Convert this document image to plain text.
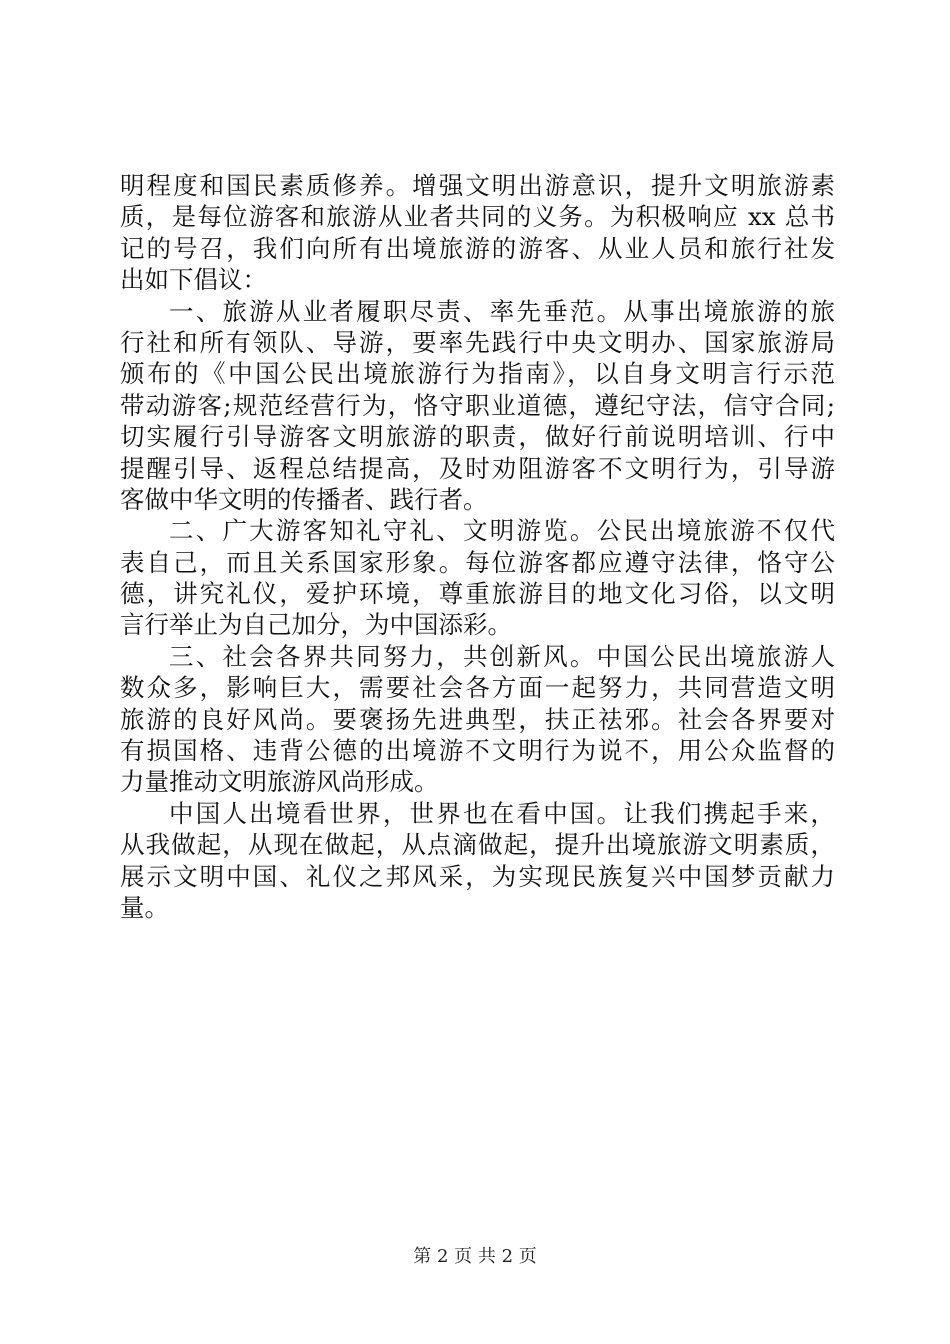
明程度和国民素质修养。增强文明出游意识，提升文明旅游素
质，是每位游客和旅游从业者共同的义务。为积极响应 xx 总书
记的号召，我们向所有出境旅游的游客、从业人员和旅行社发
出如下倡议：
一、旅游从业者履职尽责、率先垂范。从事出境旅游的旅
行社和所有领队、导游，要率先践行中央文明办、国家旅游局
颁布的《中国公民出境旅游行为指南》，以自身文明言行示范
带动游客;规范经营行为，恪守职业道德，遵纪守法，信守合同;
切实履行引导游客文明旅游的职责，做好行前说明培训、行中
提醒引导、返程总结提高，及时劝阻游客不文明行为，引导游
客做中华文明的传播者、践行者。
二、广大游客知礼守礼、文明游览。公民出境旅游不仅代
表自己，而且关系国家形象。每位游客都应遵守法律，恪守公
德，讲究礼仪，爱护环境，尊重旅游目的地文化习俗，以文明
言行举止为自己加分，为中国添彩。
三、社会各界共同努力，共创新风。中国公民出境旅游人
数众多，影响巨大，需要社会各方面一起努力，共同营造文明
旅游的良好风尚。要褒扬先进典型，扶正祛邪。社会各界要对
有损国格、违背公德的出境游不文明行为说不，用公众监督的
力量推动文明旅游风尚形成。
中国人出境看世界，世界也在看中国。让我们携起手来，
从我做起，从现在做起，从点滴做起，提升出境旅游文明素质，
展示文明中国、礼仪之邦风采，为实现民族复兴中国梦贡献力
量。
第 2 页 共 2 页
